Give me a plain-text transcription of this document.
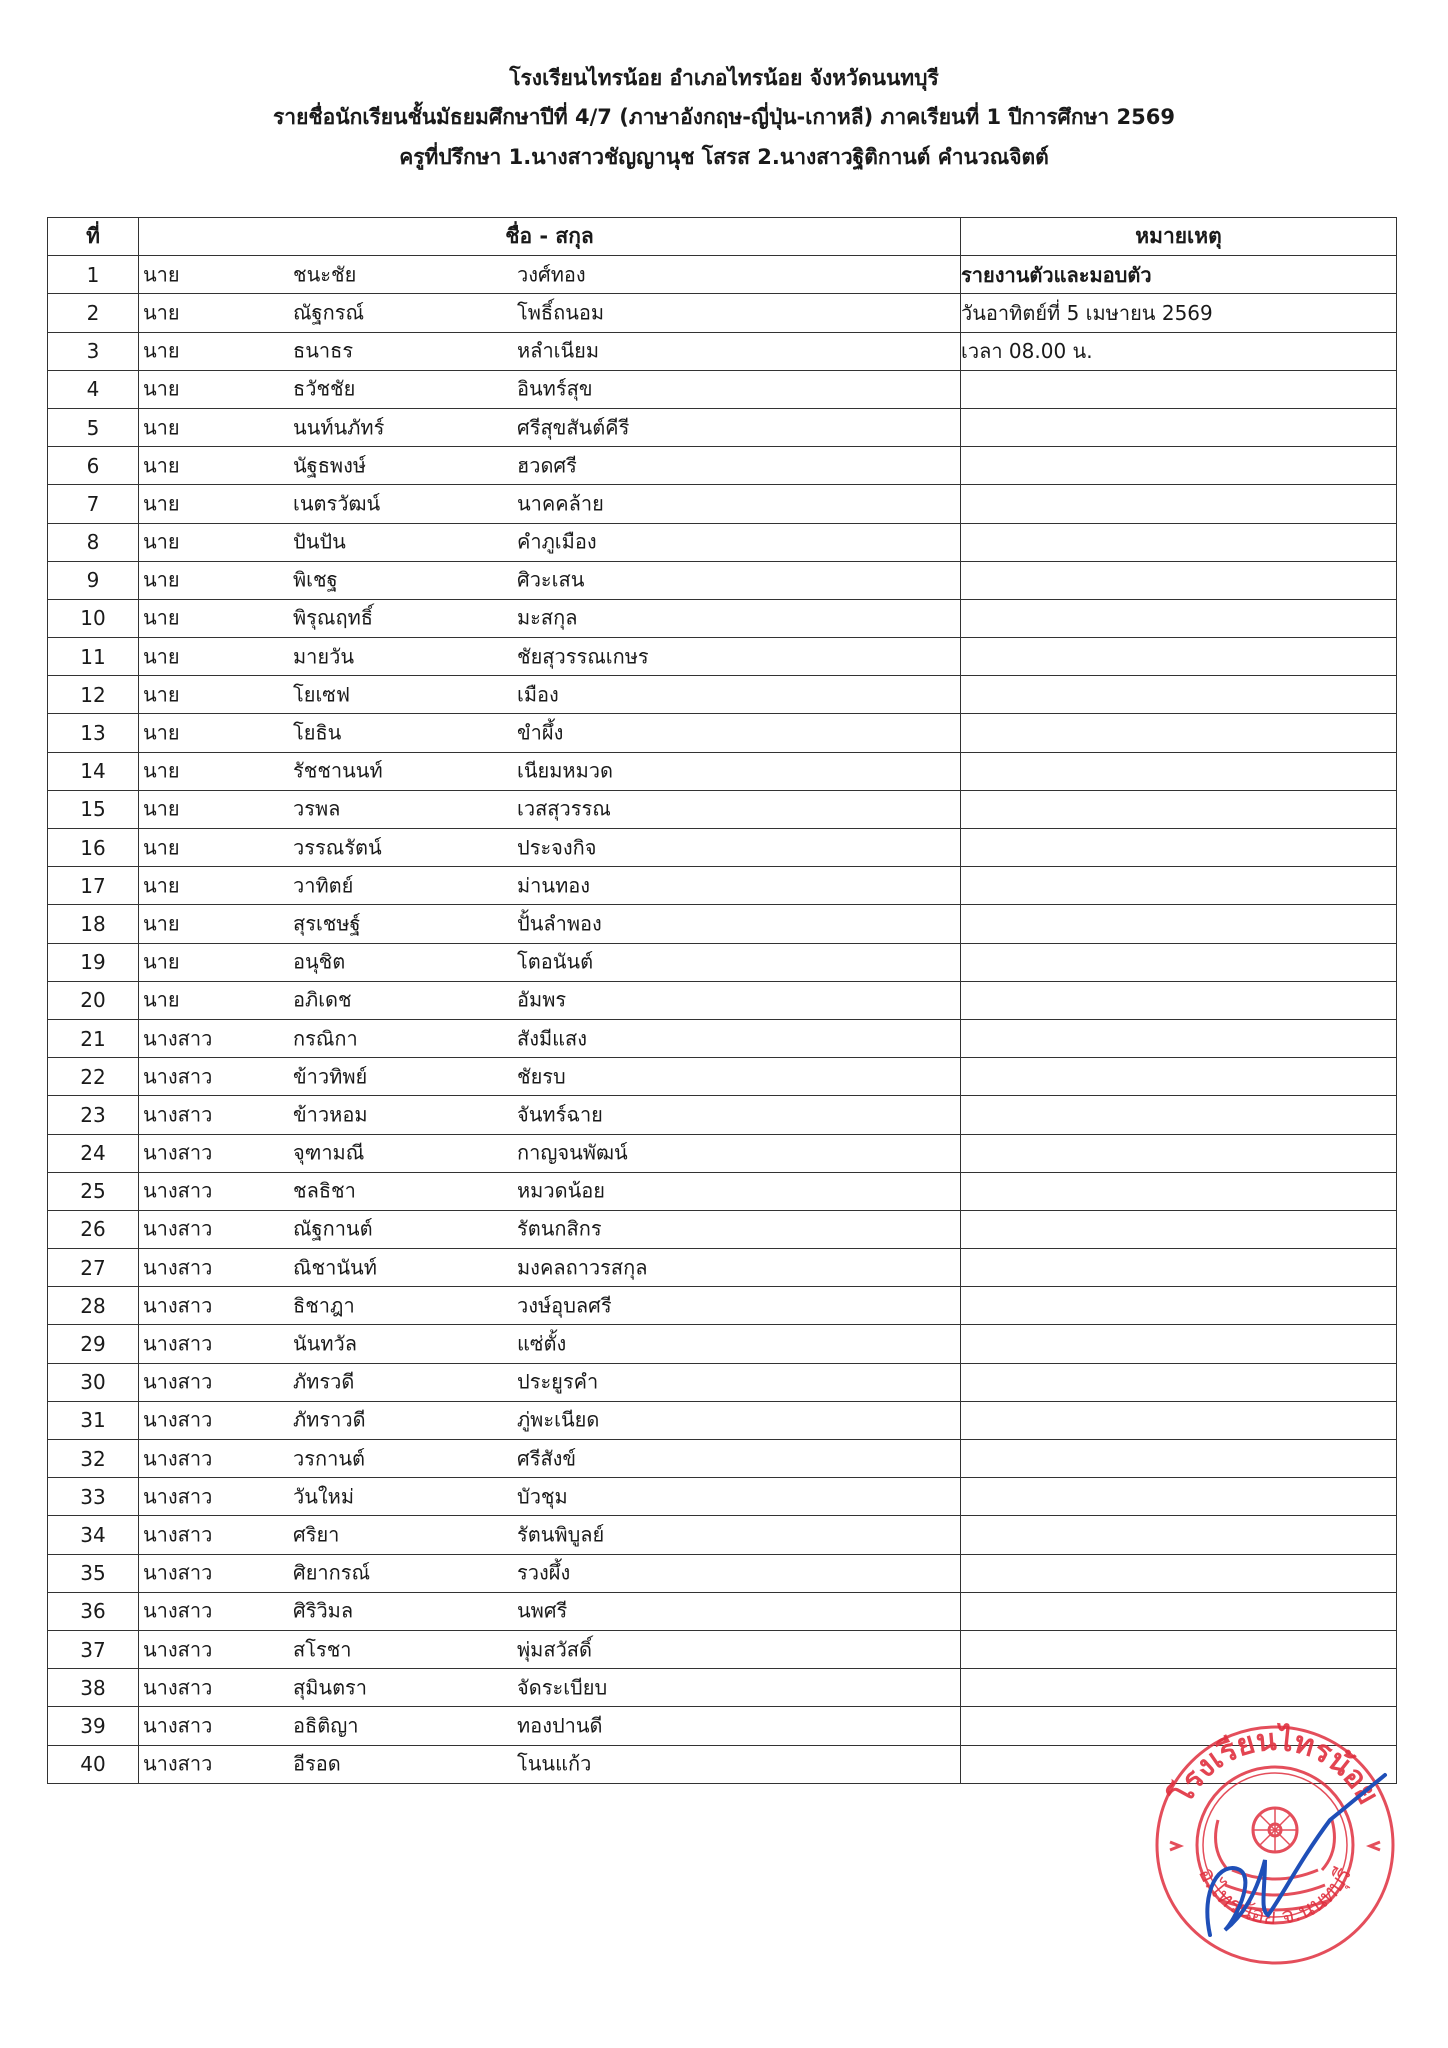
โรงเรียนไทรน้อย อำเภอไทรน้อย จังหวัดนนทบุรี
รายชื่อนักเรียนชั้นมัธยมศึกษาปีที่ 4/7 (ภาษาอังกฤษ-ญี่ปุ่น-เกาหลี) ภาคเรียนที่ 1 ปีการศึกษา 2569
ครูที่ปรึกษา 1.นางสาวชัญญานุช โสรส 2.นางสาวฐิติกานต์ คำนวณจิตต์
ที่	ชื่อ - สกุล	หมายเหตุ
1	นาย ชนะชัย วงศ์ทอง	รายงานตัวและมอบตัว
2	นาย ณัฐกรณ์ โพธิ์ถนอม	วันอาทิตย์ที่ 5 เมษายน 2569
3	นาย ธนาธร หลำเนียม	เวลา 08.00 น.
4	นาย ธวัชชัย อินทร์สุข	

5	นาย นนท์นภัทร์ ศรีสุขสันต์คีรี	

6	นาย นัฐธพงษ์ ฮวดศรี	

7	นาย เนตรวัฒน์ นาคคล้าย	

8	นาย ปันปัน คำภูเมือง	

9	นาย พิเชฐ ศิวะเสน	

10	นาย พิรุณฤทธิ์ มะสกุล	

11	นาย มายวัน ชัยสุวรรณเกษร	

12	นาย โยเซฟ เมือง	

13	นาย โยธิน ขำผึ้ง	

14	นาย รัชชานนท์ เนียมหมวด	

15	นาย วรพล เวสสุวรรณ	

16	นาย วรรณรัตน์ ประจงกิจ	

17	นาย วาทิตย์ ม่านทอง	

18	นาย สุรเชษฐ์ ปั้นลำพอง	

19	นาย อนุชิต โตอนันต์	

20	นาย อภิเดช อัมพร	

21	นางสาว กรณิกา สังมีแสง	

22	นางสาว ข้าวทิพย์ ชัยรบ	

23	นางสาว ข้าวหอม จันทร์ฉาย	

24	นางสาว จุฑามณี กาญจนพัฒน์	

25	นางสาว ชลธิชา หมวดน้อย	

26	นางสาว ณัฐกานต์ รัตนกสิกร	

27	นางสาว ณิชานันท์ มงคลถาวรสกุล	

28	นางสาว ธิชาฎา วงษ์อุบลศรี	

29	นางสาว นันทวัล แซ่ตั้ง	

30	นางสาว ภัทรวดี ประยูรคำ	

31	นางสาว ภัทราวดี ภู่พะเนียด	

32	นางสาว วรกานต์ ศรีสังข์	

33	นางสาว วันใหม่ บัวชุม	

34	นางสาว ศริยา รัตนพิบูลย์	

35	นางสาว ศิยากรณ์ รวงผึ้ง	

36	นางสาว ศิริวิมล นพศรี	

37	นางสาว สโรชา พุ่มสวัสดิ์	

38	นางสาว สุมินตรา จัดระเบียบ	

39	นางสาว อธิติญา ทองปานดี	

40	นางสาว อีรอด โนนแก้ว	

โรงเรียนไทรน้อย
อ.ไทรน้อย จ.นนทบุรี
